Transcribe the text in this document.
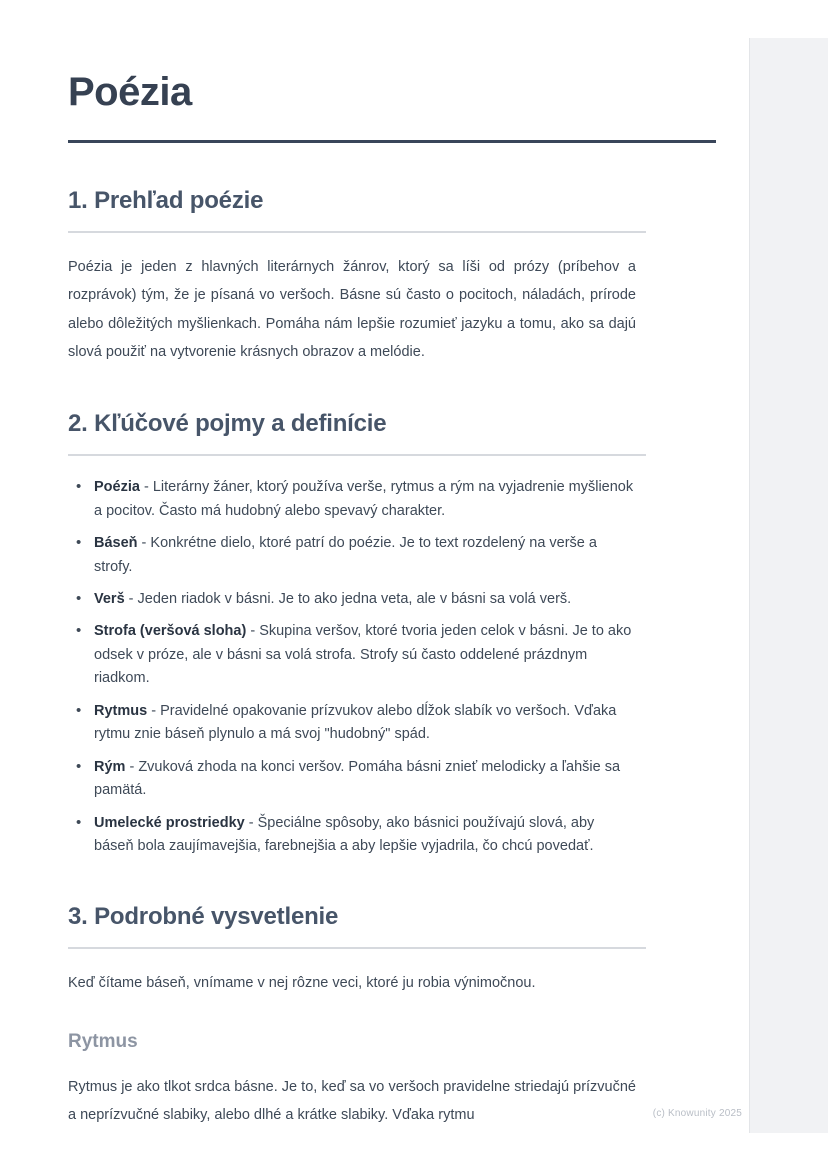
Poézia
1. Prehľad poézie

Poézia je jeden z hlavných literárnych žánrov, ktorý sa líši od prózy (príbehov a rozprávok) tým, že je písaná vo veršoch. Básne sú často o pocitoch, náladách, prírode alebo dôležitých myšlienkach. Pomáha nám lepšie rozumieť jazyku a tomu, ako sa dajú slová použiť na vytvorenie krásnych obrazov a melódie.

2. Kľúčové pojmy a definície
• Poézia - Literárny žáner, ktorý používa verše, rytmus a rým na vyjadrenie myšlienok a pocitov. Často má hudobný alebo spevavý charakter.
• Báseň - Konkrétne dielo, ktoré patrí do poézie. Je to text rozdelený na verše a strofy.
• Verš - Jeden riadok v básni. Je to ako jedna veta, ale v básni sa volá verš.
• Strofa (veršová sloha) - Skupina veršov, ktoré tvoria jeden celok v básni. Je to ako odsek v próze, ale v básni sa volá strofa. Strofy sú často oddelené prázdnym riadkom.
• Rytmus - Pravidelné opakovanie prízvukov alebo dĺžok slabík vo veršoch. Vďaka rytmu znie báseň plynulo a má svoj "hudobný" spád.
• Rým - Zvuková zhoda na konci veršov. Pomáha básni znieť melodicky a ľahšie sa pamätá.
• Umelecké prostriedky - Špeciálne spôsoby, ako básnici používajú slová, aby báseň bola zaujímavejšia, farebnejšia a aby lepšie vyjadrila, čo chcú povedať.
3. Podrobné vysvetlenie

Keď čítame báseň, vnímame v nej rôzne veci, ktoré ju robia výnimočnou.

Rytmus

Rytmus je ako tlkot srdca básne. Je to, keď sa vo veršoch pravidelne striedajú prízvučné a neprízvučné slabiky, alebo dlhé a krátke slabiky. Vďaka rytmu	(c) Knowunity 2025
